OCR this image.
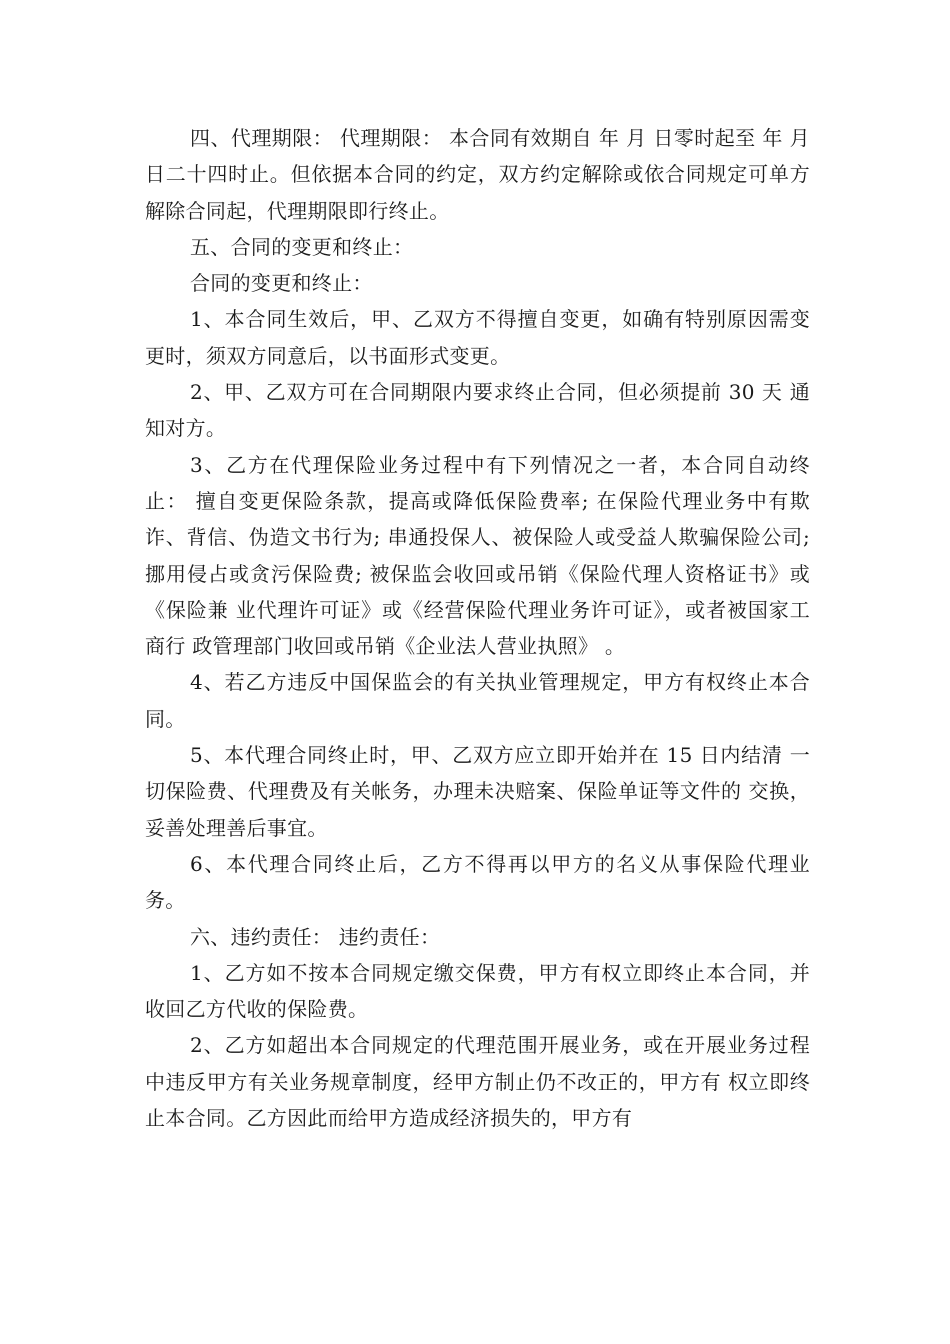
四、代理期限： 代理期限： 本合同有效期自 年 月 日零时起至 年 月 日二十四时止。但依据本合同的约定，双方约定解除或依合同规定可单方 解除合同起，代理期限即行终止。

五、合同的变更和终止：

合同的变更和终止：

1、本合同生效后，甲、乙双方不得擅自变更，如确有特别原因需变更时，须双方同意后，以书面形式变更。

2、甲、乙双方可在合同期限内要求终止合同，但必须提前 30 天 通知对方。

3、乙方在代理保险业务过程中有下列情况之一者，本合同自动终止： 擅自变更保险条款，提高或降低保险费率; 在保险代理业务中有欺诈、背信、伪造文书行为; 串通投保人、被保险人或受益人欺骗保险公司; 挪用侵占或贪污保险费; 被保监会收回或吊销《保险代理人资格证书》或《保险兼 业代理许可证》或《经营保险代理业务许可证》，或者被国家工商行 政管理部门收回或吊销《企业法人营业执照》 。

4、若乙方违反中国保监会的有关执业管理规定，甲方有权终止本合同。

5、本代理合同终止时，甲、乙双方应立即开始并在 15 日内结清 一切保险费、代理费及有关帐务，办理未决赔案、保险单证等文件的 交换，妥善处理善后事宜。

6、本代理合同终止后，乙方不得再以甲方的名义从事保险代理业务。

六、违约责任： 违约责任：

1、乙方如不按本合同规定缴交保费，甲方有权立即终止本合同，并收回乙方代收的保险费。

2、乙方如超出本合同规定的代理范围开展业务，或在开展业务过程中违反甲方有关业务规章制度，经甲方制止仍不改正的，甲方有 权立即终止本合同。乙方因此而给甲方造成经济损失的，甲方有
